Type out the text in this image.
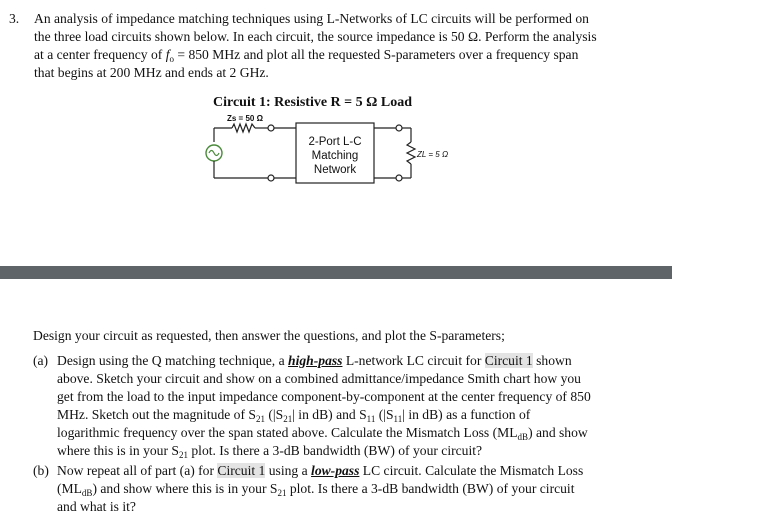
3. An analysis of impedance matching techniques using L-Networks of LC circuits will be performed on

the three load circuits shown below. In each circuit, the source impedance is 50 Ω. Perform the analysis

at a center frequency of $f_o = 850$ MHz and plot all the requested S-parameters over a frequency span

that begins at 200 MHz and ends at 2 GHz.

Circuit 1: Resistive R = 5 Ω Load
Zs = 50 Ω
2-Port L-C
Matching
Network
ZL = 5 Ω

Design your circuit as requested, then answer the questions, and plot the S-parameters;

(a) Design using the Q matching technique, a high-pass L-network LC circuit for Circuit 1 shown

above. Sketch your circuit and show on a combined admittance/impedance Smith chart how you

get from the load to the input impedance component-by-component at the center frequency of 850

MHz. Sketch out the magnitude of $S_{21}$ ($|S_{21}|$ in dB) and $S_{11}$ ($|S_{11}|$ in dB) as a function of

logarithmic frequency over the span stated above. Calculate the Mismatch Loss $(ML_{dB})$ and show

where this is in your $S_{21}$ plot. Is there a 3-dB bandwidth (BW) of your circuit?

(b) Now repeat all of part (a) for Circuit 1 using a low-pass LC circuit. Calculate the Mismatch Loss

$(ML_{dB})$ and show where this is in your $S_{21}$ plot. Is there a 3-dB bandwidth (BW) of your circuit

and what is it?
